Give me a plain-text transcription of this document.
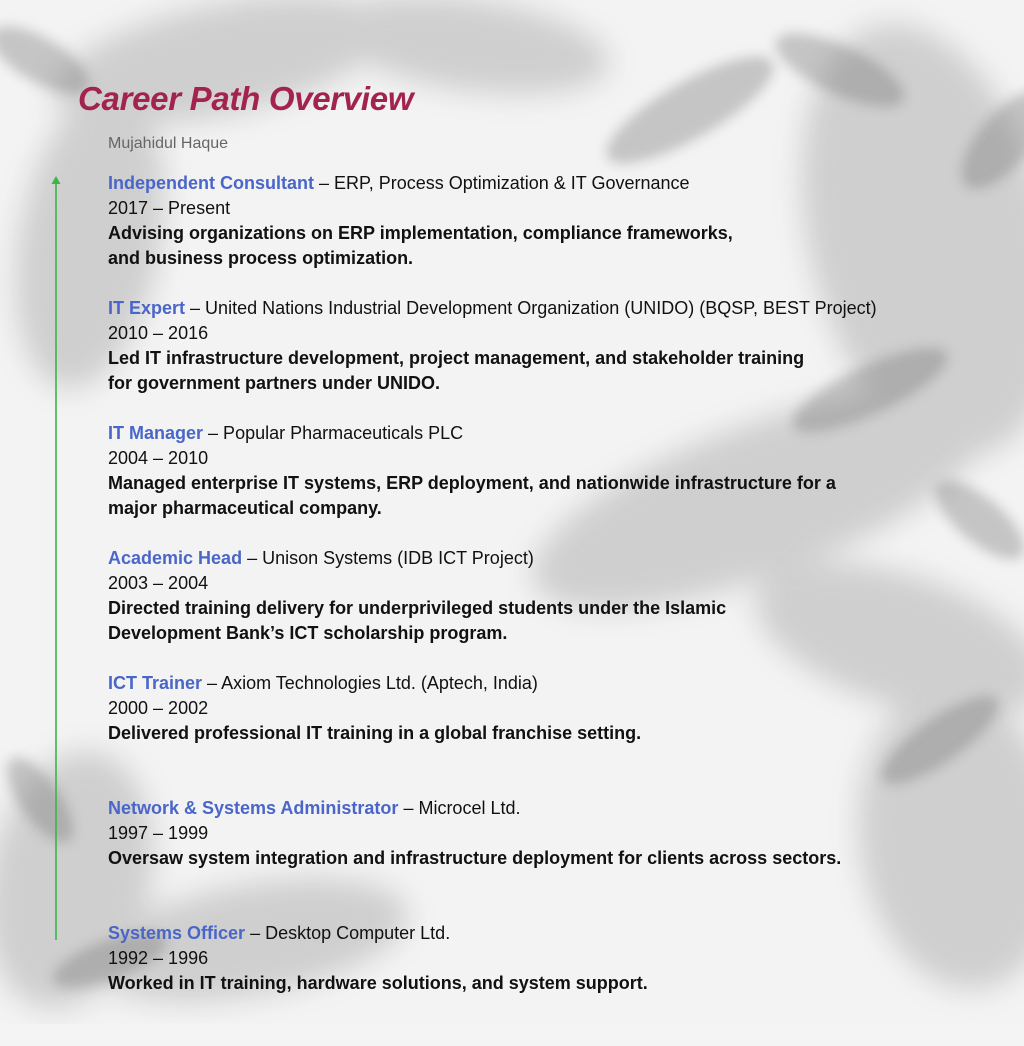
Career Path Overview
Mujahidul Haque
Independent Consultant – ERP, Process Optimization & IT Governance
2017 – Present
Advising organizations on ERP implementation, compliance frameworks,
and business process optimization.
IT Expert – United Nations Industrial Development Organization (UNIDO) (BQSP, BEST Project)
2010 – 2016
Led IT infrastructure development, project management, and stakeholder training
for government partners under UNIDO.
IT Manager – Popular Pharmaceuticals PLC
2004 – 2010
Managed enterprise IT systems, ERP deployment, and nationwide infrastructure for a
major pharmaceutical company.
Academic Head – Unison Systems (IDB ICT Project)
2003 – 2004
Directed training delivery for underprivileged students under the Islamic
Development Bank’s ICT scholarship program.
ICT Trainer – Axiom Technologies Ltd. (Aptech, India)
2000 – 2002
Delivered professional IT training in a global franchise setting.
Network & Systems Administrator – Microcel Ltd.
1997 – 1999
Oversaw system integration and infrastructure deployment for clients across sectors.
Systems Officer – Desktop Computer Ltd.
1992 – 1996
Worked in IT training, hardware solutions, and system support.
